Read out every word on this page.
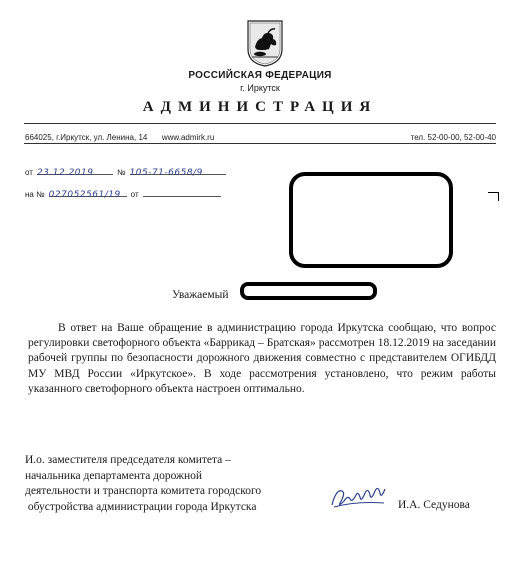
РОССИЙСКАЯ ФЕДЕРАЦИЯ
г. Иркутск
АДМИНИСТРАЦИЯ
664025, г.Иркутск, ул. Ленина, 14 www.admirk.ru	тел. 52-00-00, 52-00-40
от 23.12.2019	№ 105-71-6658/9
на № 027052561/19 от
Уважаемый

В ответ на Ваше обращение в администрацию города Иркутска сообщаю, что вопрос регулировки светофорного объекта «Баррикад – Братская» рассмотрен 18.12.2019 на заседании рабочей группы по безопасности дорожного движения совместно с представителем ОГИБДД МУ МВД России «Иркутское». В ходе рассмотрения установлено, что режим работы указанного светофорного объекта настроен оптимально.

И.о. заместителя председателя комитета –
начальника департамента дорожной
деятельности и транспорта комитета городского
обустройства администрации города Иркутска	И.А. Седунова
